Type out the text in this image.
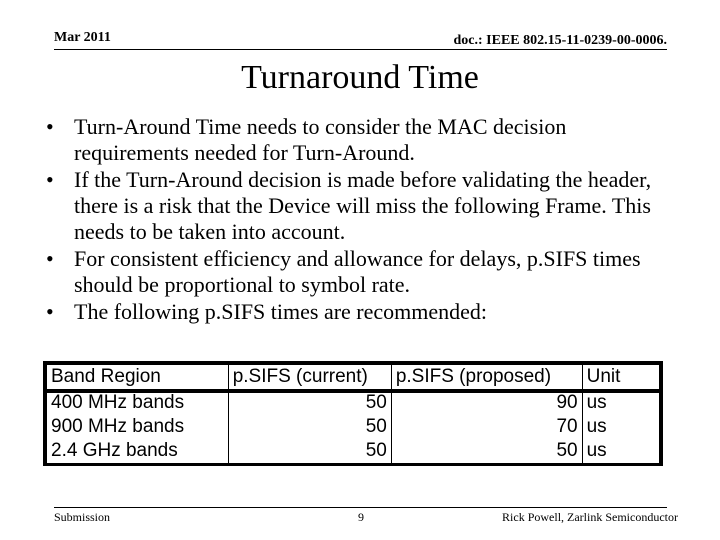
Mar 2011	doc.: IEEE 802.15-11-0239-00-0006.
Turnaround Time
• Turn-Around Time needs to consider the MAC decision requirements needed for Turn-Around.
• If the Turn-Around decision is made before validating the header, there is a risk that the Device will miss the following Frame. This needs to be taken into account.
• For consistent efficiency and allowance for delays, p.SIFS times should be proportional to symbol rate.
• The following p.SIFS times are recommended:
Band Region	p.SIFS (current)	p.SIFS (proposed)	Unit
400 MHz bands	50	90	us
900 MHz bands	50	70	us
2.4 GHz bands	50	50	us
Submission	9	Rick Powell, Zarlink Semiconductor
